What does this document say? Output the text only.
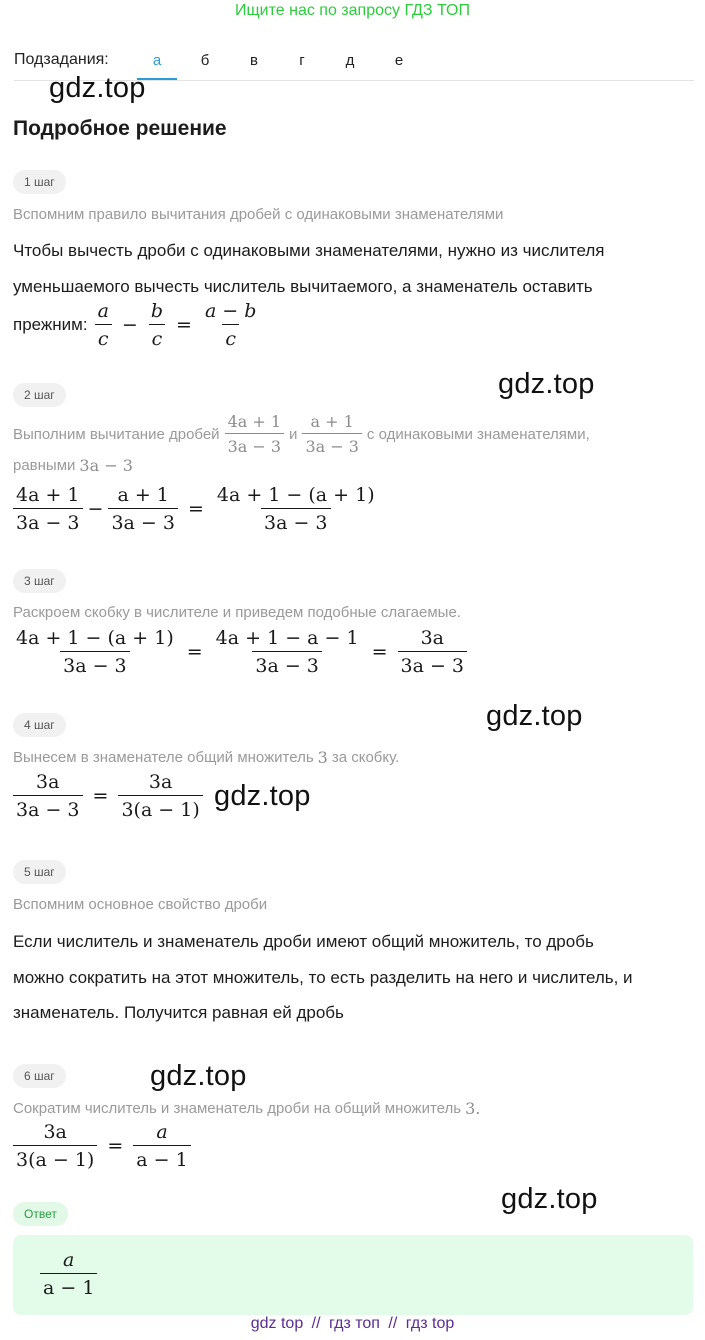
Ищите нас по запросу ГДЗ ТОП
Подзадания:	а	б	в	г	д	е
gdz.top
gdz.top
gdz.top
gdz.top
gdz.top
gdz.top
Подробное решение
1 шаг
Вспомним правило вычитания дробей с одинаковыми знаменателями
Чтобы вычесть дроби с одинаковыми знаменателями, нужно из числителя
уменьшаемого вычесть числитель вычитаемого, а знаменатель оставить
прежним: $\frac{a}{c} - \frac{b}{c} = \frac{a - b}{c}$
2 шаг
Выполним вычитание дробей $\frac{4a + 1}{3a - 3}$ и $\frac{a + 1}{3a - 3}$ с одинаковыми знаменателями,
равными 3a − 3
$\frac{4a + 1}{3a - 3} - \frac{a + 1}{3a - 3} = \frac{4a + 1 - (a + 1)}{3a - 3}$
3 шаг
Раскроем скобку в числителе и приведем подобные слагаемые.
$\frac{4a + 1 - (a + 1)}{3a - 3} = \frac{4a + 1 - a - 1}{3a - 3} = \frac{3a}{3a - 3}$
4 шаг
Вынесем в знаменателе общий множитель 3 за скобку.
$\frac{3a}{3a - 3} = \frac{3a}{3(a - 1)}$
5 шаг
Вспомним основное свойство дроби
Если числитель и знаменатель дроби имеют общий множитель, то дробь
можно сократить на этот множитель, то есть разделить на него и числитель, и
знаменатель. Получится равная ей дробь
6 шаг
Сократим числитель и знаменатель дроби на общий множитель 3.
$\frac{3a}{3(a - 1)} = \frac{a}{a - 1}$
Ответ
$\frac{a}{a - 1}$
gdz top // гдз топ // гдз top
